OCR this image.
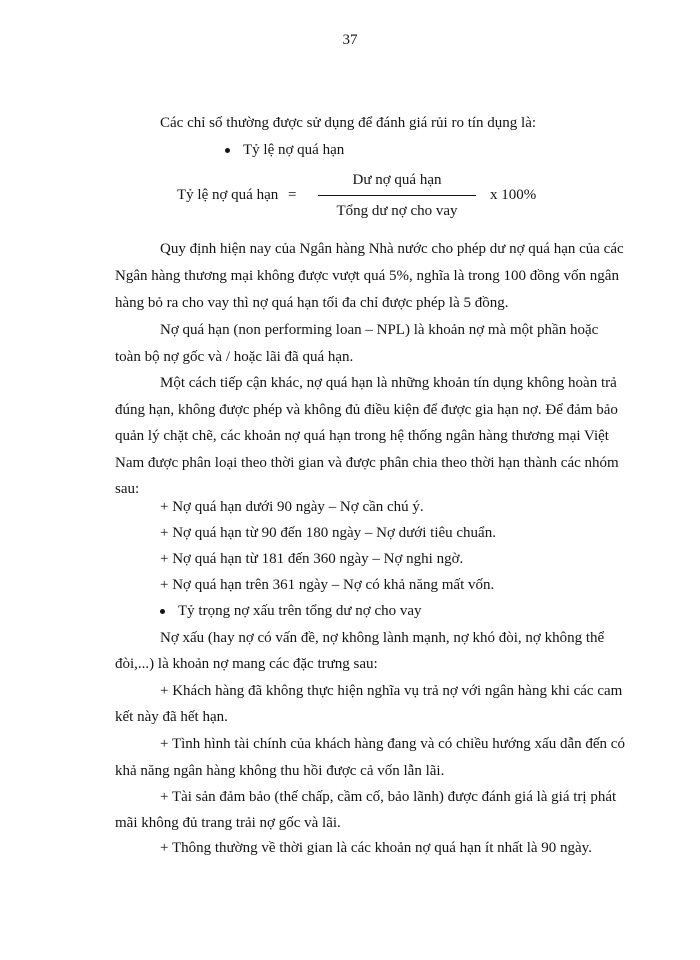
37
Các chỉ số thường được sử dụng để đánh giá rủi ro tín dụng là:
Tỷ lệ nợ quá hạn
Tỷ lệ nợ quá hạn =
Dư nợ quá hạn
Tổng dư nợ cho vay
x 100%
Quy định hiện nay của Ngân hàng Nhà nước cho phép dư nợ quá hạn của các
Ngân hàng thương mại không được vượt quá 5%, nghĩa là trong 100 đồng vốn ngân
hàng bỏ ra cho vay thì nợ quá hạn tối đa chỉ được phép là 5 đồng.
Nợ quá hạn (non performing loan – NPL) là khoản nợ mà một phần hoặc
toàn bộ nợ gốc và / hoặc lãi đã quá hạn.
Một cách tiếp cận khác, nợ quá hạn là những khoản tín dụng không hoàn trả
đúng hạn, không được phép và không đủ điều kiện để được gia hạn nợ. Để đảm bảo
quản lý chặt chẽ, các khoản nợ quá hạn trong hệ thống ngân hàng thương mại Việt
Nam được phân loại theo thời gian và được phân chia theo thời hạn thành các nhóm
sau:
+ Nợ quá hạn dưới 90 ngày – Nợ cần chú ý.
+ Nợ quá hạn từ 90 đến 180 ngày – Nợ dưới tiêu chuẩn.
+ Nợ quá hạn từ 181 đến 360 ngày – Nợ nghi ngờ.
+ Nợ quá hạn trên 361 ngày – Nợ có khả năng mất vốn.
Tỷ trọng nợ xấu trên tổng dư nợ cho vay
Nợ xấu (hay nợ có vấn đề, nợ không lành mạnh, nợ khó đòi, nợ không thể
đòi,...) là khoản nợ mang các đặc trưng sau:
+ Khách hàng đã không thực hiện nghĩa vụ trả nợ với ngân hàng khi các cam
kết này đã hết hạn.
+ Tình hình tài chính của khách hàng đang và có chiều hướng xấu dẫn đến có
khả năng ngân hàng không thu hồi được cả vốn lẫn lãi.
+ Tài sản đảm bảo (thế chấp, cầm cố, bảo lãnh) được đánh giá là giá trị phát
mãi không đủ trang trải nợ gốc và lãi.
+ Thông thường về thời gian là các khoản nợ quá hạn ít nhất là 90 ngày.
